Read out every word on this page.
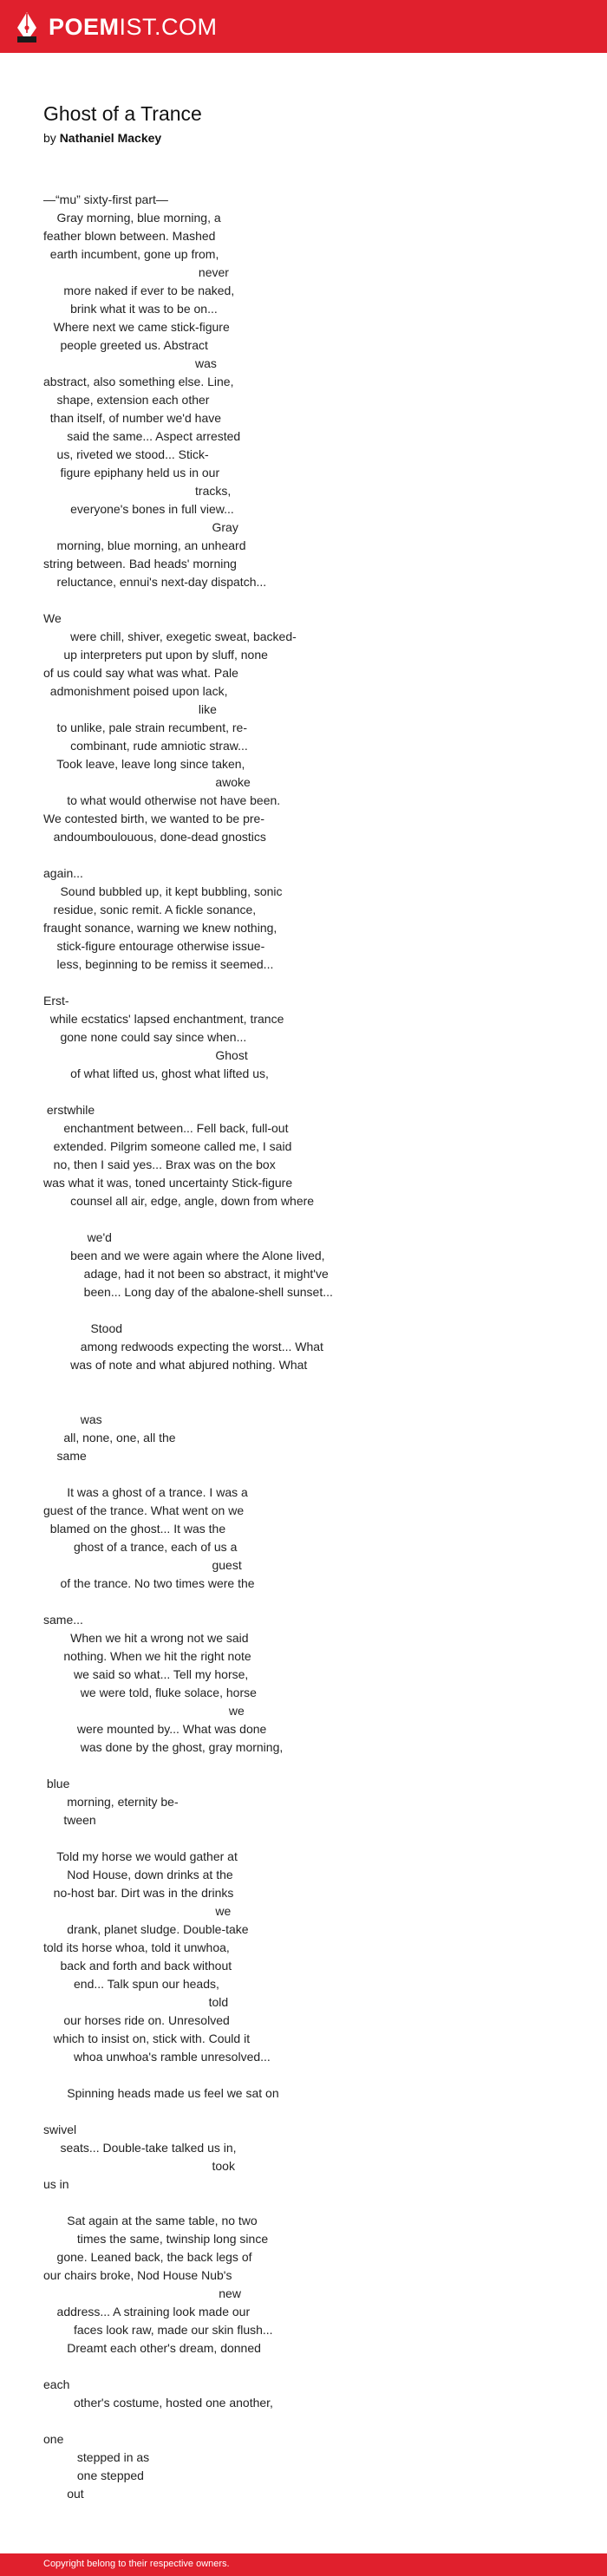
POEMIST.COM
Ghost of a Trance
by Nathaniel Mackey
—“mu” sixty-first part—
Gray morning, blue morning, a
feather blown between. Mashed
earth incumbent, gone up from,
never
more naked if ever to be naked,
brink what it was to be on...
Where next we came stick-figure
people greeted us. Abstract
was
abstract, also something else. Line,
shape, extension each other
than itself, of number we'd have
said the same... Aspect arrested
us, riveted we stood... Stick-
figure epiphany held us in our
tracks,
everyone's bones in full view...
Gray
morning, blue morning, an unheard
string between. Bad heads' morning
reluctance, ennui's next-day dispatch...
We
were chill, shiver, exegetic sweat, backed-
up interpreters put upon by sluff, none
of us could say what was what. Pale
admonishment poised upon lack,
like
to unlike, pale strain recumbent, re-
combinant, rude amniotic straw...
Took leave, leave long since taken,
awoke
to what would otherwise not have been.
We contested birth, we wanted to be pre-
andoumboulouous, done-dead gnostics
again...
Sound bubbled up, it kept bubbling, sonic
residue, sonic remit. A fickle sonance,
fraught sonance, warning we knew nothing,
stick-figure entourage otherwise issue-
less, beginning to be remiss it seemed...
Erst-
while ecstatics' lapsed enchantment, trance
gone none could say since when...
Ghost
of what lifted us, ghost what lifted us,
erstwhile
enchantment between... Fell back, full-out
extended. Pilgrim someone called me, I said
no, then I said yes... Brax was on the box
was what it was, toned uncertainty Stick-figure
counsel all air, edge, angle, down from where
we'd
been and we were again where the Alone lived,
adage, had it not been so abstract, it might've
been... Long day of the abalone-shell sunset...
Stood
among redwoods expecting the worst... What
was of note and what abjured nothing. What
was
all, none, one, all the
same
It was a ghost of a trance. I was a
guest of the trance. What went on we
blamed on the ghost... It was the
ghost of a trance, each of us a
guest
of the trance. No two times were the
same...
When we hit a wrong not we said
nothing. When we hit the right note
we said so what... Tell my horse,
we were told, fluke solace, horse
we
were mounted by... What was done
was done by the ghost, gray morning,
blue
morning, eternity be-
tween
Told my horse we would gather at
Nod House, down drinks at the
no-host bar. Dirt was in the drinks
we
drank, planet sludge. Double-take
told its horse whoa, told it unwhoa,
back and forth and back without
end... Talk spun our heads,
told
our horses ride on. Unresolved
which to insist on, stick with. Could it
whoa unwhoa's ramble unresolved...
Spinning heads made us feel we sat on
swivel
seats... Double-take talked us in,
took
us in
Sat again at the same table, no two
times the same, twinship long since
gone. Leaned back, the back legs of
our chairs broke, Nod House Nub's
new
address... A straining look made our
faces look raw, made our skin flush...
Dreamt each other's dream, donned
each
other's costume, hosted one another,
one
stepped in as
one stepped
out
Copyright belong to their respective owners.
